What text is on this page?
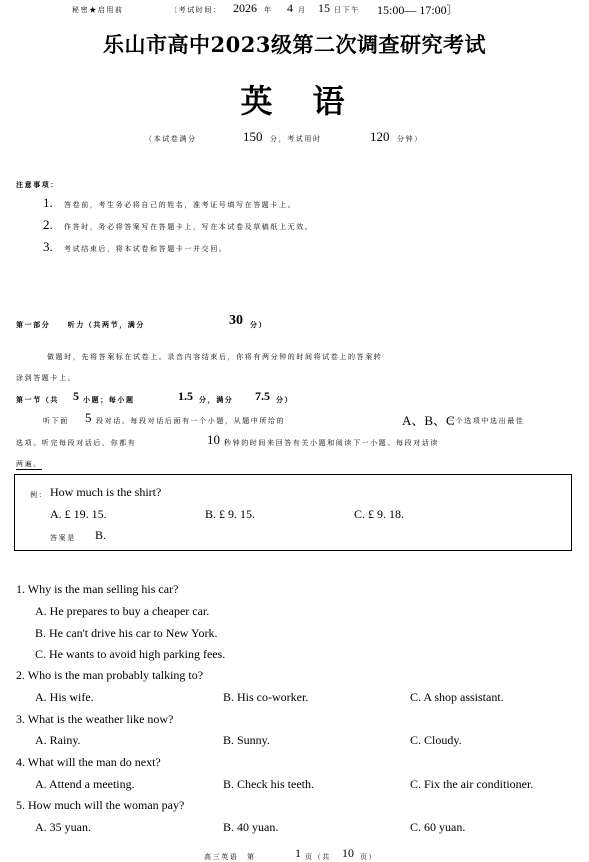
秘密★启用前	〔考试时间： 2026 年 4 月 15 日下午 15:00— 17:00〕
乐山市高中2023级第二次调查研究考试
英　语
（本试卷满分	150 分，考试用时	120 分钟）
注意事项：
1. 答卷前，考生务必将自己的姓名，准考证号填写在答题卡上。
2. 作答时，务必将答案写在答题卡上，写在本试卷及草稿纸上无效。
3. 考试结束后，将本试卷和答题卡一并交回。
第一部分　　听力（共两节，满分	30 分）
做题时，先将答案标在试卷上。录音内容结束后，你将有两分钟的时间将试卷上的答案转
涂到答题卡上。
第一节（共 5 小题；每小题	1.5 分，满分 7.5 分）
听下面 5 段对话。每段对话后面有一个小题，从题中所给的	A、B、C
三个选项中选出最佳
选项。听完每段对话后，你都有	10 秒钟的时间来回答有关小题和阅读下一小题。每段对话读
两遍。
例： How much is the shirt?
A. £ 19. 15.	B. £ 9. 15.	C. £ 9. 18.
答案是 B.
1. Why is the man selling his car?
A. He prepares to buy a cheaper car.
B. He can't drive his car to New York.
C. He wants to avoid high parking fees.
2. Who is the man probably talking to?
A. His wife.	B. His co-worker.	C. A shop assistant.
3. What is the weather like now?
A. Rainy.	B. Sunny.	C. Cloudy.
4. What will the man do next?
A. Attend a meeting.	B. Check his teeth.	C. Fix the air conditioner.
5. How much will the woman pay?
A. 35 yuan.	B. 40 yuan.	C. 60 yuan.
高三英语　第	1 页（共 10 页）
